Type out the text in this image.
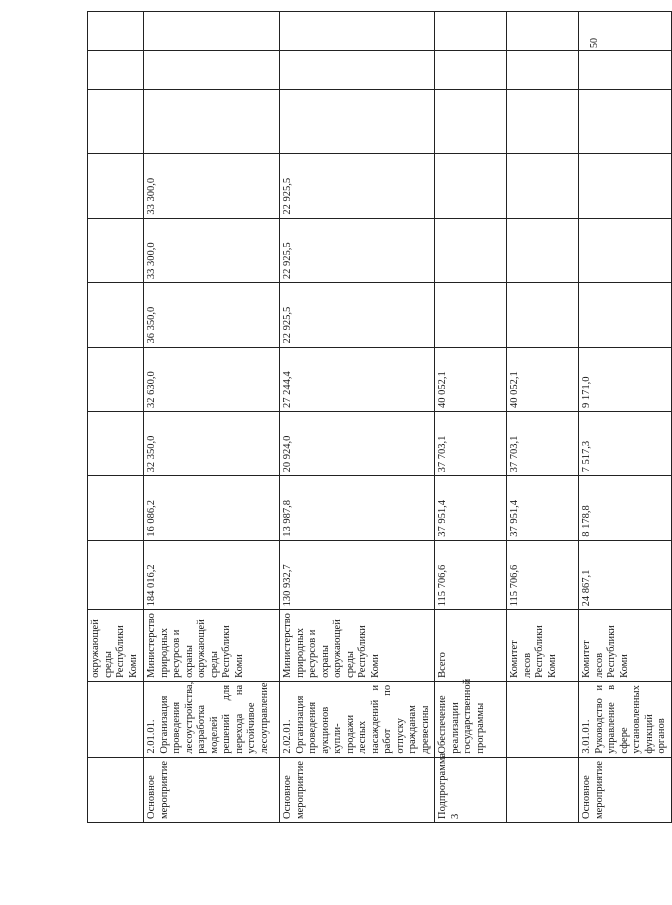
50
		окружающей среды Республики Коми										
Основное мероприятие	2.01.01. Организация проведения лесоустройства, разработка моделей решений для перехода на устойчивое лесоуправление	Министерство природных ресурсов и охраны окружающей среды Республики Коми	184 016,2	16 086,2	32 350,0	32 630,0	36 350,0	33 300,0	33 300,0			
Основное мероприятие	2.02.01. Организация проведения аукционов купли-продажи лесных насаждений и работ по отпуску гражданам древесины	Министерство природных ресурсов и охраны окружающей среды Республики Коми	130 932,7	13 987,8	20 924,0	27 244,4	22 925,5	22 925,5	22 925,5			
Подпрограмма 3	Обеспечение реализации государственной программы	Всего	115 706,6	37 951,4	37 703,1	40 052,1						
		Комитет лесов Республики Коми	115 706,6	37 951,4	37 703,1	40 052,1						
Основное мероприятие	3.01.01. Руководство и управление в сфере установленных функций органов	Комитет лесов Республики Коми	24 867,1	8 178,8	7 517,3	9 171,0						
